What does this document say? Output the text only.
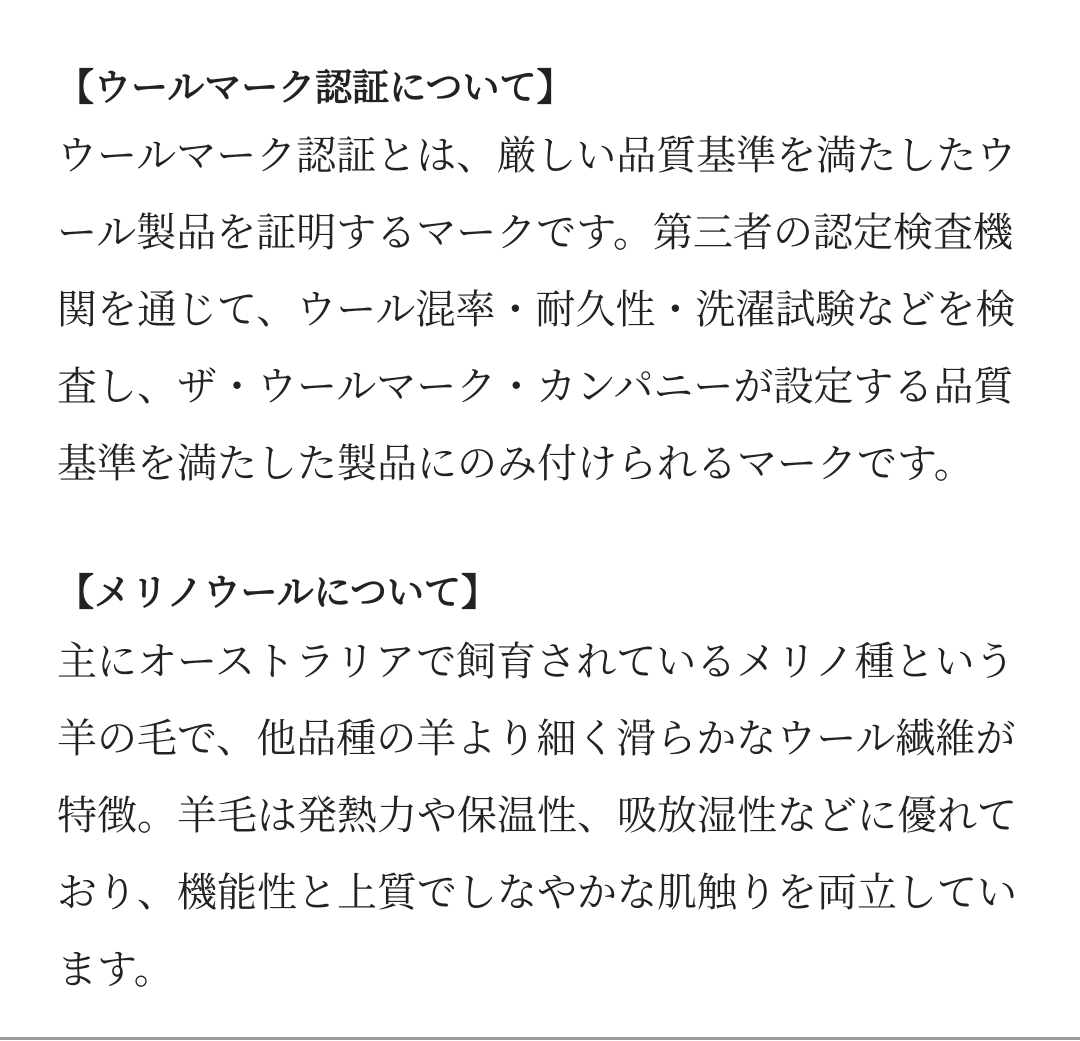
【ウールマーク認証について】

ウールマーク認証とは、厳しい品質基準を満たしたウール製品を証明するマークです。第三者の認定検査機関を通じて、ウール混率・耐久性・洗濯試験などを検査し、ザ・ウールマーク・カンパニーが設定する品質基準を満たした製品にのみ付けられるマークです。

【メリノウールについて】

主にオーストラリアで飼育されているメリノ種という羊の毛で、他品種の羊より細く滑らかなウール繊維が特徴。羊毛は発熱力や保温性、吸放湿性などに優れており、機能性と上質でしなやかな肌触りを両立しています。
